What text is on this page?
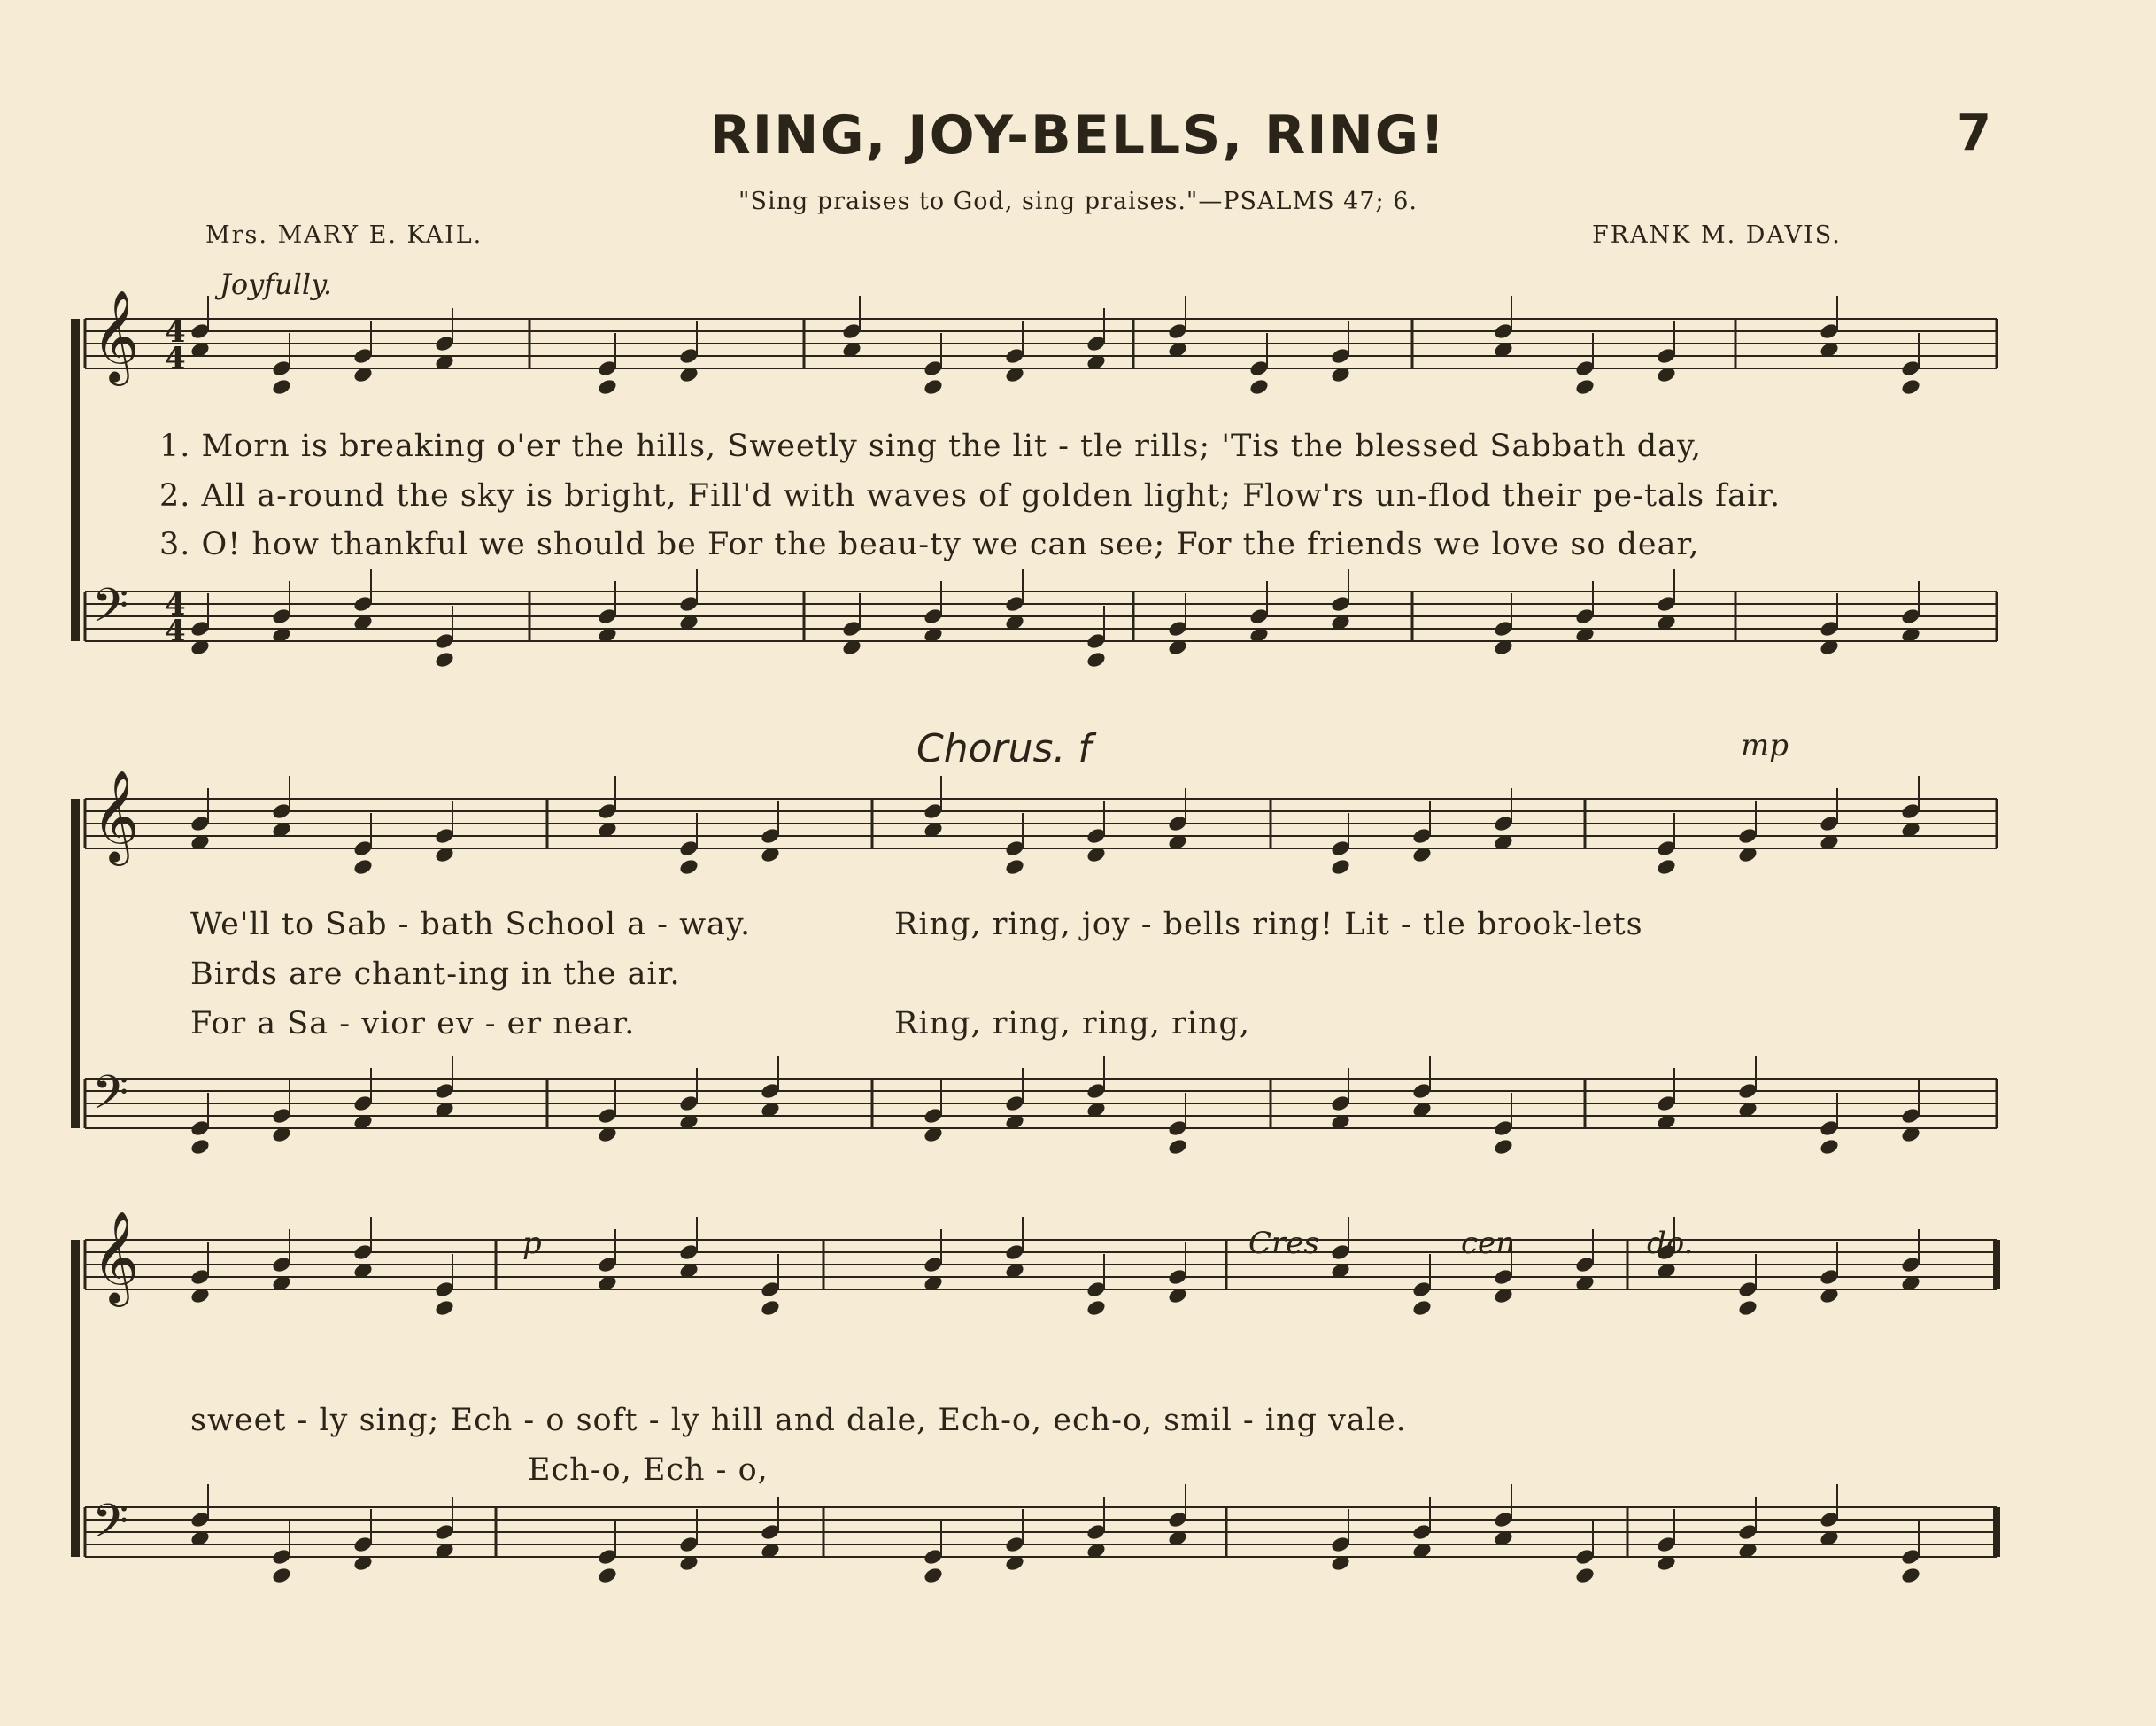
RING, JOY-BELLS, RING!	7
"Sing praises to God, sing praises."—PSALMS 47; 6.
Mrs. MARY E. KAIL.	FRANK M. DAVIS.
Joyfully.
𝄞
𝄢
4
4
4
4
𝄞
𝄢
𝄞
𝄢
1. Morn is breaking o'er the hills, Sweetly sing the lit - tle rills; 'Tis the blessed Sabbath day,
2. All a-round the sky is bright, Fill'd with waves of golden light; Flow'rs un-flod their pe-tals fair.
3. O! how thankful we should be For the beau-ty we can see; For the friends we love so dear,
Chorus. f	mp
We'll to Sab - bath School a - way.	Ring, ring, joy - bells ring! Lit - tle brook-lets
Birds are chant-ing in the air.
For a Sa - vior ev - er near.	Ring, ring, ring, ring,
p	Cres	cen	do.
sweet - ly sing; Ech - o soft - ly hill and dale, Ech-o, ech-o, smil - ing vale.
Ech-o, Ech - o,
